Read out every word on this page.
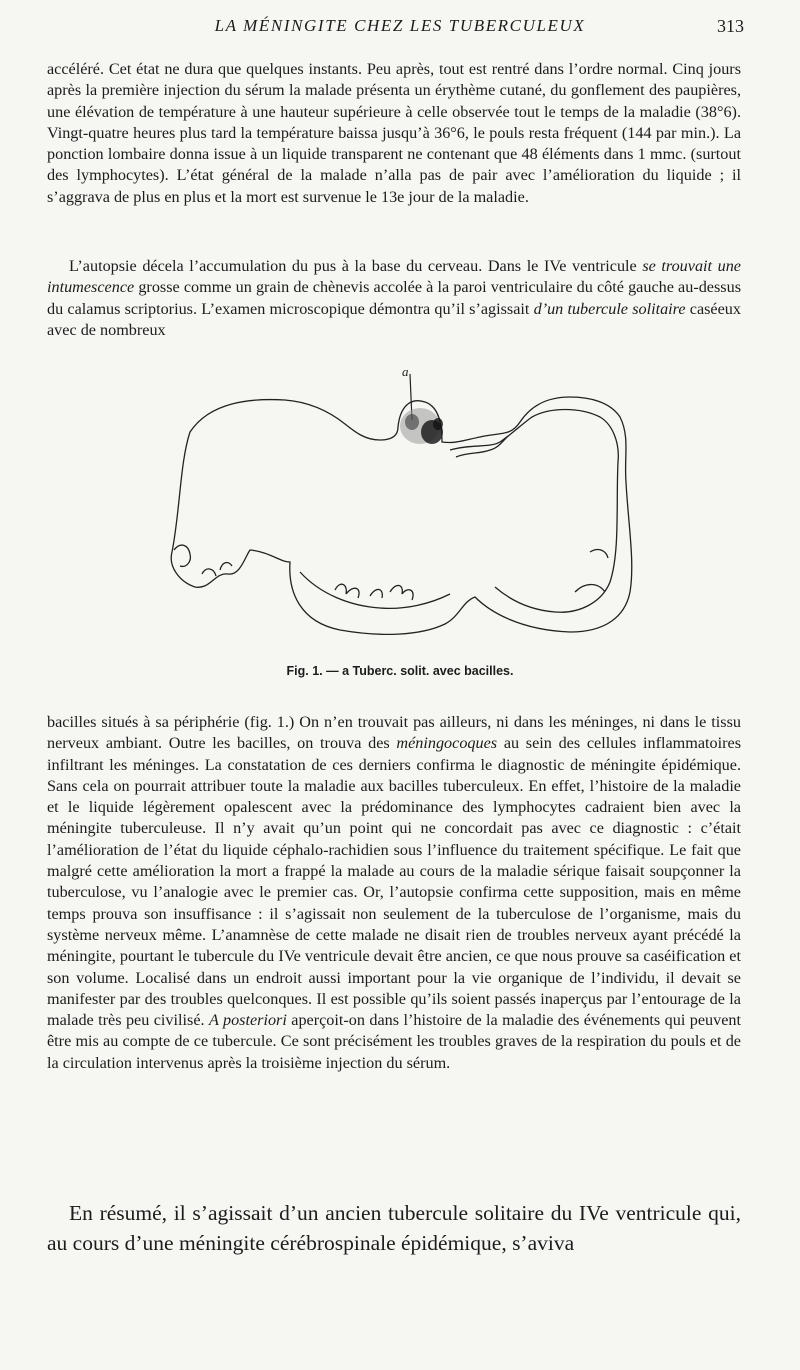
LA MÉNINGITE CHEZ LES TUBERCULEUX	313

accéléré. Cet état ne dura que quelques instants. Peu après, tout est rentré dans l’ordre normal. Cinq jours après la première injection du sérum la malade présenta un érythème cutané, du gonflement des paupières, une élévation de température à une hauteur supérieure à celle observée tout le temps de la maladie (38°6). Vingt-quatre heures plus tard la température baissa jusqu’à 36°6, le pouls resta fréquent (144 par min.). La ponction lombaire donna issue à un liquide transparent ne contenant que 48 éléments dans 1 mmc. (surtout des lymphocytes). L’état général de la malade n’alla pas de pair avec l’amélioration du liquide ; il s’aggrava de plus en plus et la mort est survenue le 13e jour de la maladie.

L’autopsie décela l’accumulation du pus à la base du cerveau. Dans le IVe ventricule se trouvait une intumescence grosse comme un grain de chènevis accolée à la paroi ventriculaire du côté gauche au-dessus du calamus scriptorius. L’examen microscopique démontra qu’il s’agissait d’un tubercule solitaire caséeux avec de nombreux

a
Fig. 1. — a Tuberc. solit. avec bacilles.

bacilles situés à sa périphérie (fig. 1.) On n’en trouvait pas ailleurs, ni dans les méninges, ni dans le tissu nerveux ambiant. Outre les bacilles, on trouva des méningocoques au sein des cellules inflammatoires infiltrant les méninges. La constatation de ces derniers confirma le diagnostic de méningite épidémique. Sans cela on pourrait attribuer toute la maladie aux bacilles tuberculeux. En effet, l’histoire de la maladie et le liquide légèrement opalescent avec la prédominance des lymphocytes cadraient bien avec la méningite tuberculeuse. Il n’y avait qu’un point qui ne concordait pas avec ce diagnostic : c’était l’amélioration de l’état du liquide céphalo-rachidien sous l’influence du traitement spécifique. Le fait que malgré cette amélioration la mort a frappé la malade au cours de la maladie sérique faisait soupçonner la tuberculose, vu l’analogie avec le premier cas. Or, l’autopsie confirma cette supposition, mais en même temps prouva son insuffisance : il s’agissait non seulement de la tuberculose de l’organisme, mais du système nerveux même. L’anamnèse de cette malade ne disait rien de troubles nerveux ayant précédé la méningite, pourtant le tubercule du IVe ventricule devait être ancien, ce que nous prouve sa caséification et son volume. Localisé dans un endroit aussi important pour la vie organique de l’individu, il devait se manifester par des troubles quelconques. Il est possible qu’ils soient passés inaperçus par l’entourage de la malade très peu civilisé. A posteriori aperçoit-on dans l’histoire de la maladie des événements qui peuvent être mis au compte de ce tubercule. Ce sont précisément les troubles graves de la respiration du pouls et de la circulation intervenus après la troisième injection du sérum.

En résumé, il s’agissait d’un ancien tubercule solitaire du IVe ventricule qui, au cours d’une méningite cérébrospinale épidémique, s’aviva
